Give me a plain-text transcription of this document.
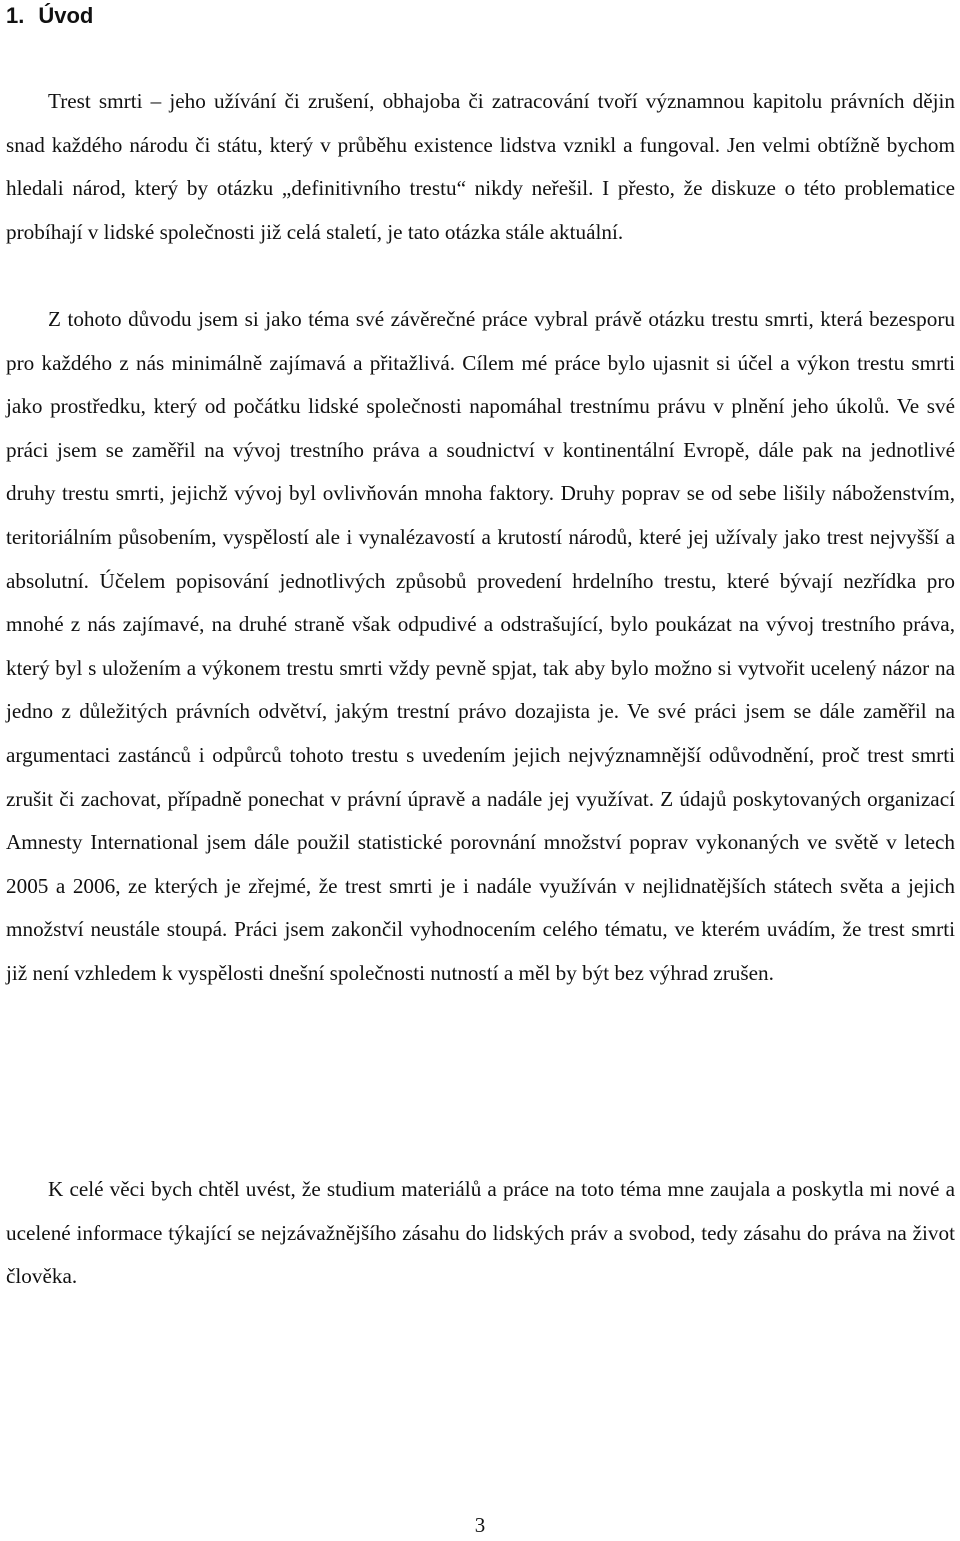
1. Úvod

Trest smrti – jeho užívání či zrušení, obhajoba či zatracování tvoří významnou kapitolu právních dějin snad každého národu či státu, který v průběhu existence lidstva vznikl a fungoval. Jen velmi obtížně bychom hledali národ, který by otázku „definitivního trestu“ nikdy neřešil. I přesto, že diskuze o této problematice probíhají v lidské společnosti již celá staletí, je tato otázka stále aktuální.

Z tohoto důvodu jsem si jako téma své závěrečné práce vybral právě otázku trestu smrti, která bezesporu pro každého z nás minimálně zajímavá a přitažlivá. Cílem mé práce bylo ujasnit si účel a výkon trestu smrti jako prostředku, který od počátku lidské společnosti napomáhal trestnímu právu v plnění jeho úkolů. Ve své práci jsem se zaměřil na vývoj trestního práva a soudnictví v kontinentální Evropě, dále pak na jednotlivé druhy trestu smrti, jejichž vývoj byl ovlivňován mnoha faktory. Druhy poprav se od sebe lišily náboženstvím, teritoriálním působením, vyspělostí ale i vynalézavostí a krutostí národů, které jej užívaly jako trest nejvyšší a absolutní. Účelem popisování jednotlivých způsobů provedení hrdelního trestu, které bývají nezřídka pro mnohé z nás zajímavé, na druhé straně však odpudivé a odstrašující, bylo poukázat na vývoj trestního práva, který byl s uložením a výkonem trestu smrti vždy pevně spjat, tak aby bylo možno si vytvořit ucelený názor na jedno z důležitých právních odvětví, jakým trestní právo dozajista je. Ve své práci jsem se dále zaměřil na argumentaci zastánců i odpůrců tohoto trestu s uvedením jejich nejvýznamnější odůvodnění, proč trest smrti zrušit či zachovat, případně ponechat v právní úpravě a nadále jej využívat. Z údajů poskytovaných organizací Amnesty International jsem dále použil statistické porovnání množství poprav vykonaných ve světě v letech 2005 a 2006, ze kterých je zřejmé, že trest smrti je i nadále využíván v nejlidnatějších státech světa a jejich množství neustále stoupá. Práci jsem zakončil vyhodnocením celého tématu, ve kterém uvádím, že trest smrti již není vzhledem k vyspělosti dnešní společnosti nutností a měl by být bez výhrad zrušen.

K celé věci bych chtěl uvést, že studium materiálů a práce na toto téma mne zaujala a poskytla mi nové a ucelené informace týkající se nejzávažnějšího zásahu do lidských práv a svobod, tedy zásahu do práva na život člověka.

3
